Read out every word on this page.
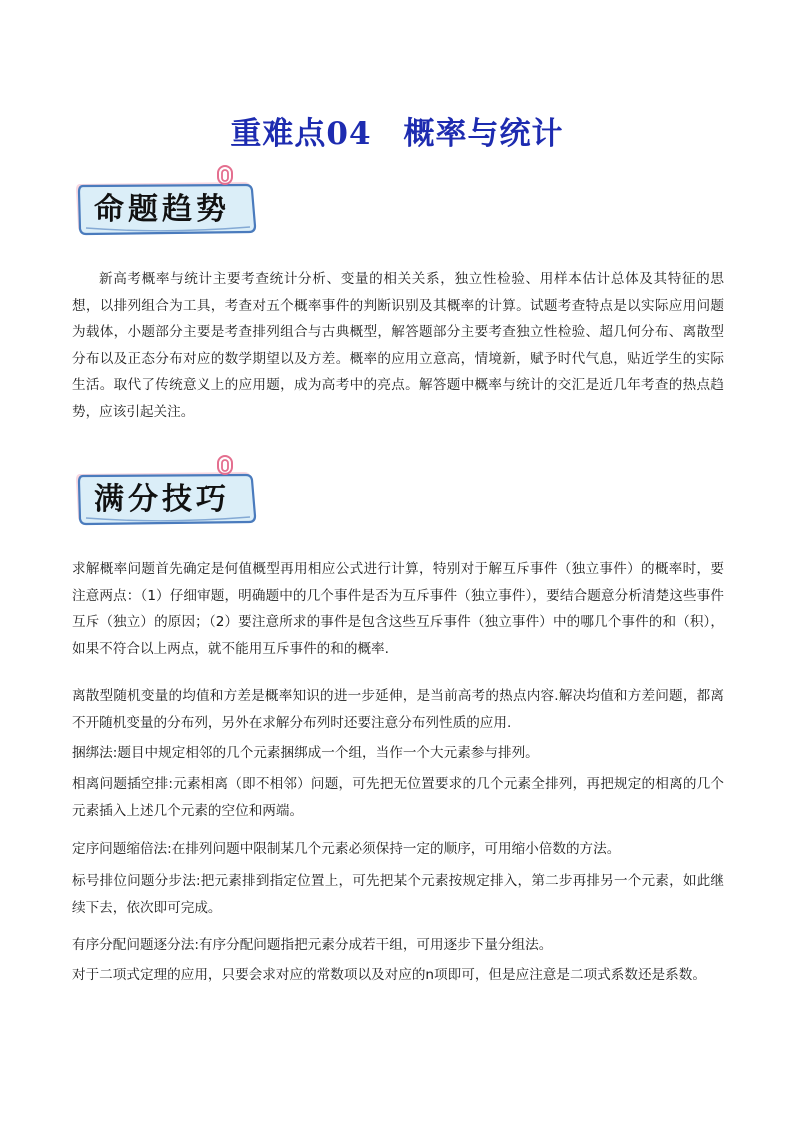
重难点04　概率与统计
命题趋势

新高考概率与统计主要考查统计分析、变量的相关关系，独立性检验、用样本估计总体及其特征的思想，以排列组合为工具，考查对五个概率事件的判断识别及其概率的计算。试题考查特点是以实际应用问题为载体，小题部分主要是考查排列组合与古典概型，解答题部分主要考查独立性检验、超几何分布、离散型分布以及正态分布对应的数学期望以及方差。概率的应用立意高，情境新，赋予时代气息，贴近学生的实际生活。取代了传统意义上的应用题，成为高考中的亮点。解答题中概率与统计的交汇是近几年考查的热点趋势，应该引起关注。

满分技巧

求解概率问题首先确定是何值概型再用相应公式进行计算，特别对于解互斥事件（独立事件）的概率时，要注意两点：（1）仔细审题，明确题中的几个事件是否为互斥事件（独立事件），要结合题意分析清楚这些事件互斥（独立）的原因；（2）要注意所求的事件是包含这些互斥事件（独立事件）中的哪几个事件的和（积），如果不符合以上两点，就不能用互斥事件的和的概率.

离散型随机变量的均值和方差是概率知识的进一步延伸，是当前高考的热点内容.解决均值和方差问题，都离不开随机变量的分布列，另外在求解分布列时还要注意分布列性质的应用.

捆绑法:题目中规定相邻的几个元素捆绑成一个组，当作一个大元素参与排列。

相离问题插空排:元素相离（即不相邻）问题，可先把无位置要求的几个元素全排列，再把规定的相离的几个元素插入上述几个元素的空位和两端。

定序问题缩倍法:在排列问题中限制某几个元素必须保持一定的顺序，可用缩小倍数的方法。

标号排位问题分步法:把元素排到指定位置上，可先把某个元素按规定排入，第二步再排另一个元素，如此继续下去，依次即可完成。

有序分配问题逐分法:有序分配问题指把元素分成若干组，可用逐步下量分组法。

对于二项式定理的应用，只要会求对应的常数项以及对应的n项即可，但是应注意是二项式系数还是系数。
